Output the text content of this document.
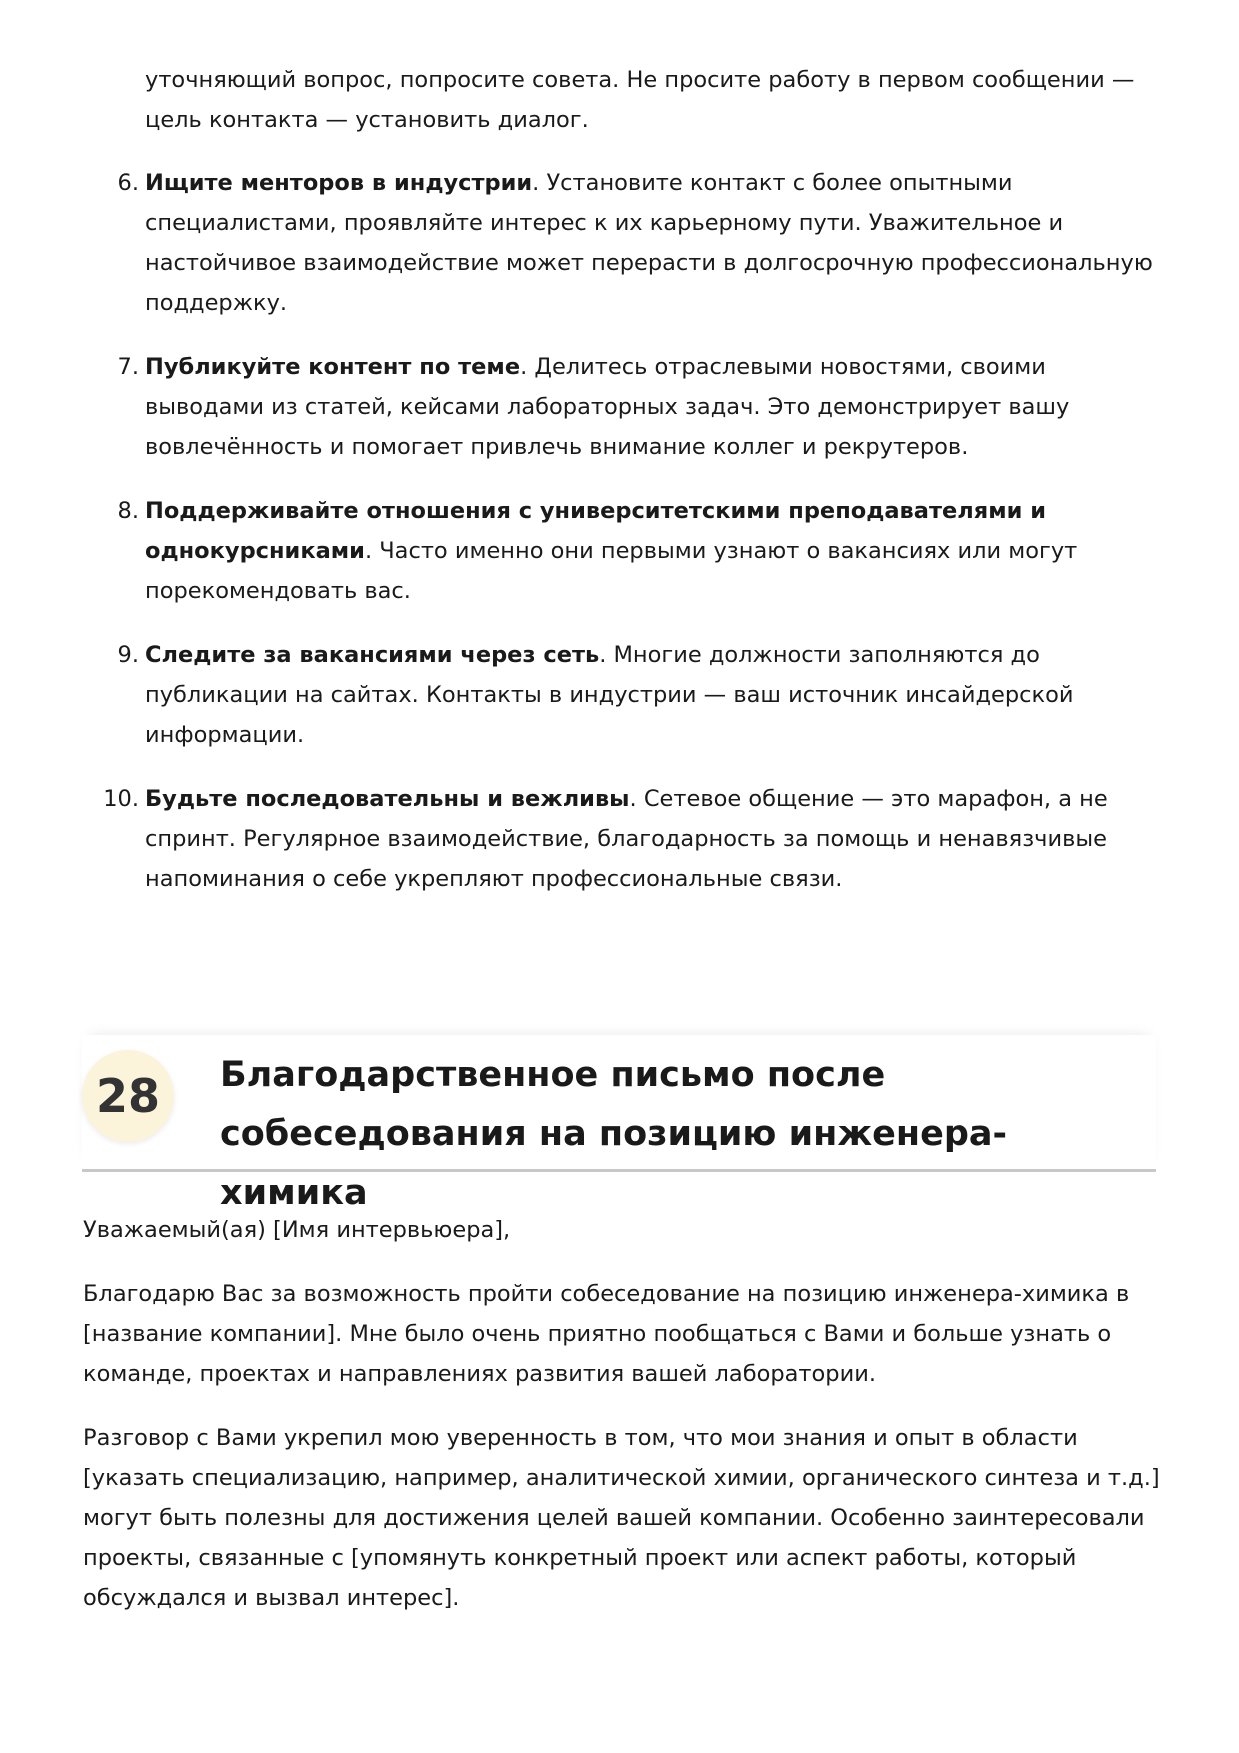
уточняющий вопрос, попросите совета. Не просите работу в первом сообщении — цель контакта — установить диалог.

6. Ищите менторов в индустрии. Установите контакт с более опытными специалистами, проявляйте интерес к их карьерному пути. Уважительное и настойчивое взаимодействие может перерасти в долгосрочную профессиональную поддержку.
7. Публикуйте контент по теме. Делитесь отраслевыми новостями, своими выводами из статей, кейсами лабораторных задач. Это демонстрирует вашу вовлечённость и помогает привлечь внимание коллег и рекрутеров.
8. Поддерживайте отношения с университетскими преподавателями и однокурсниками. Часто именно они первыми узнают о вакансиях или могут порекомендовать вас.
9. Следите за вакансиями через сеть. Многие должности заполняются до публикации на сайтах. Контакты в индустрии — ваш источник инсайдерской информации.
10. Будьте последовательны и вежливы. Сетевое общение — это марафон, а не спринт. Регулярное взаимодействие, благодарность за помощь и ненавязчивые напоминания о себе укрепляют профессиональные связи.
28	Благодарственное письмо после собеседования на позицию инженера-химика

Уважаемый(ая) [Имя интервьюера],

Благодарю Вас за возможность пройти собеседование на позицию инженера-химика в [название компании]. Мне было очень приятно пообщаться с Вами и больше узнать о команде, проектах и направлениях развития вашей лаборатории.

Разговор с Вами укрепил мою уверенность в том, что мои знания и опыт в области [указать специализацию, например, аналитической химии, органического синтеза и т.д.] могут быть полезны для достижения целей вашей компании. Особенно заинтересовали проекты, связанные с [упомянуть конкретный проект или аспект работы, который обсуждался и вызвал интерес].
